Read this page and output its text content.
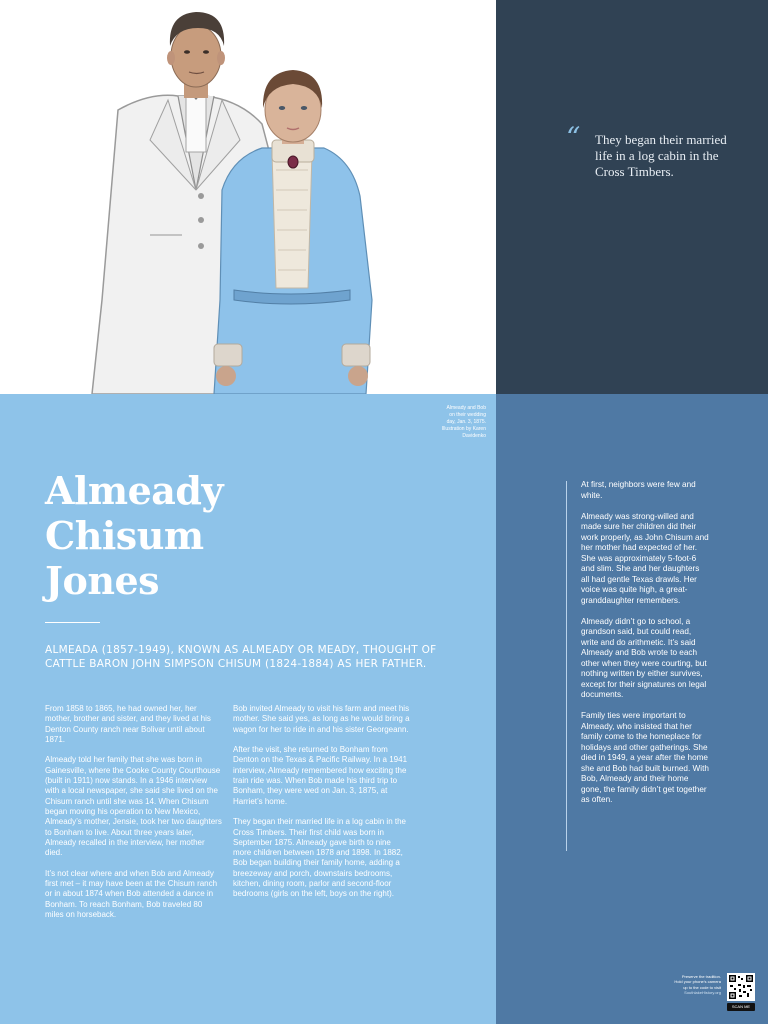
“ They began their married life in a log cabin in the Cross Timbers.
Almeady and Bob on their wedding day, Jan. 3, 1875. Illustration by Karen Davidenko
Almeady
Chisum
Jones
ALMEADA (1857-1949), KNOWN AS ALMEADY OR MEADY, THOUGHT OF CATTLE BARON JOHN SIMPSON CHISUM (1824-1884) AS HER FATHER.

From 1858 to 1865, he had owned her, her mother, brother and sister, and they lived at his Denton County ranch near Bolivar until about 1871.

Almeady told her family that she was born in Gainesville, where the Cooke County Courthouse (built in 1911) now stands. In a 1946 interview with a local newspaper, she said she lived on the Chisum ranch until she was 14. When Chisum began moving his operation to New Mexico, Almeady’s mother, Jensie, took her two daughters to Bonham to live. About three years later, Almeady recalled in the interview, her mother died.

It’s not clear where and when Bob and Almeady first met – it may have been at the Chisum ranch or in about 1874 when Bob attended a dance in Bonham. To reach Bonham, Bob traveled 80 miles on horseback.

Bob invited Almeady to visit his farm and meet his mother. She said yes, as long as he would bring a wagon for her to ride in and his sister Georgeann.

After the visit, she returned to Bonham from Denton on the Texas & Pacific Railway. In a 1941 interview, Almeady remembered how exciting the train ride was. When Bob made his third trip to Bonham, they were wed on Jan. 3, 1875, at Harriet’s home.

They began their married life in a log cabin in the Cross Timbers. Their first child was born in September 1875. Almeady gave birth to nine more children between 1878 and 1898. In 1882, Bob began building their family home, adding a breezeway and porch, downstairs bedrooms, kitchen, dining room, parlor and second-floor bedrooms (girls on the left, boys on the right).

At first, neighbors were few and white.

Almeady was strong-willed and made sure her children did their work properly, as John Chisum and her mother had expected of her. She was approximately 5-foot-6 and slim. She and her daughters all had gentle Texas drawls. Her voice was quite high, a great-granddaughter remembers.

Almeady didn’t go to school, a grandson said, but could read, write and do arithmetic. It’s said Almeady and Bob wrote to each other when they were courting, but nothing written by either survives, except for their signatures on legal documents.

Family ties were important to Almeady, who insisted that her family come to the homeplace for holidays and other gatherings. She died in 1949, a year after the home she and Bob had built burned. With Bob, Almeady and their home gone, the family didn’t get together as often.

Preserve the tradition.
Hold your phone's camera
up to the code to visit
SouthlakeHistory.org
SCAN ME
